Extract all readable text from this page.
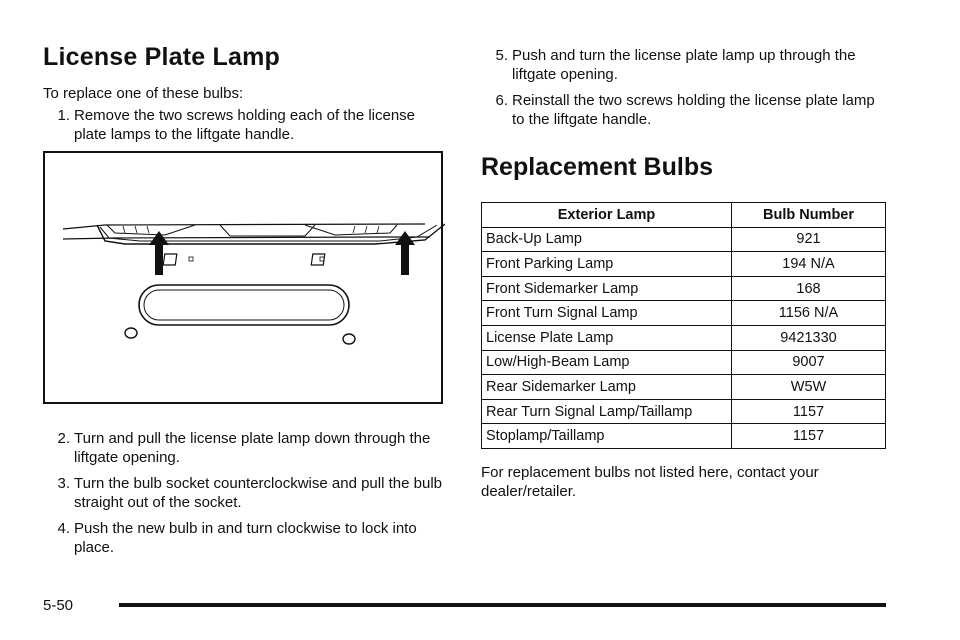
License Plate Lamp

To replace one of these bulbs:

1. Remove the two screws holding each of the license plate lamps to the liftgate handle.
2. Turn and pull the license plate lamp down through the liftgate opening.
3. Turn the bulb socket counterclockwise and pull the bulb straight out of the socket.
4. Push the new bulb in and turn clockwise to lock into place.
5. Push and turn the license plate lamp up through the liftgate opening.
6. Reinstall the two screws holding the license plate lamp to the liftgate handle.
Replacement Bulbs
Exterior Lamp	Bulb Number
Back-Up Lamp	921
Front Parking Lamp	194 N/A
Front Sidemarker Lamp	168
Front Turn Signal Lamp	1156 N/A
License Plate Lamp	9421330
Low/High-Beam Lamp	9007
Rear Sidemarker Lamp	W5W
Rear Turn Signal Lamp/Taillamp	1157
Stoplamp/Taillamp	1157

For replacement bulbs not listed here, contact your dealer/retailer.

5-50
